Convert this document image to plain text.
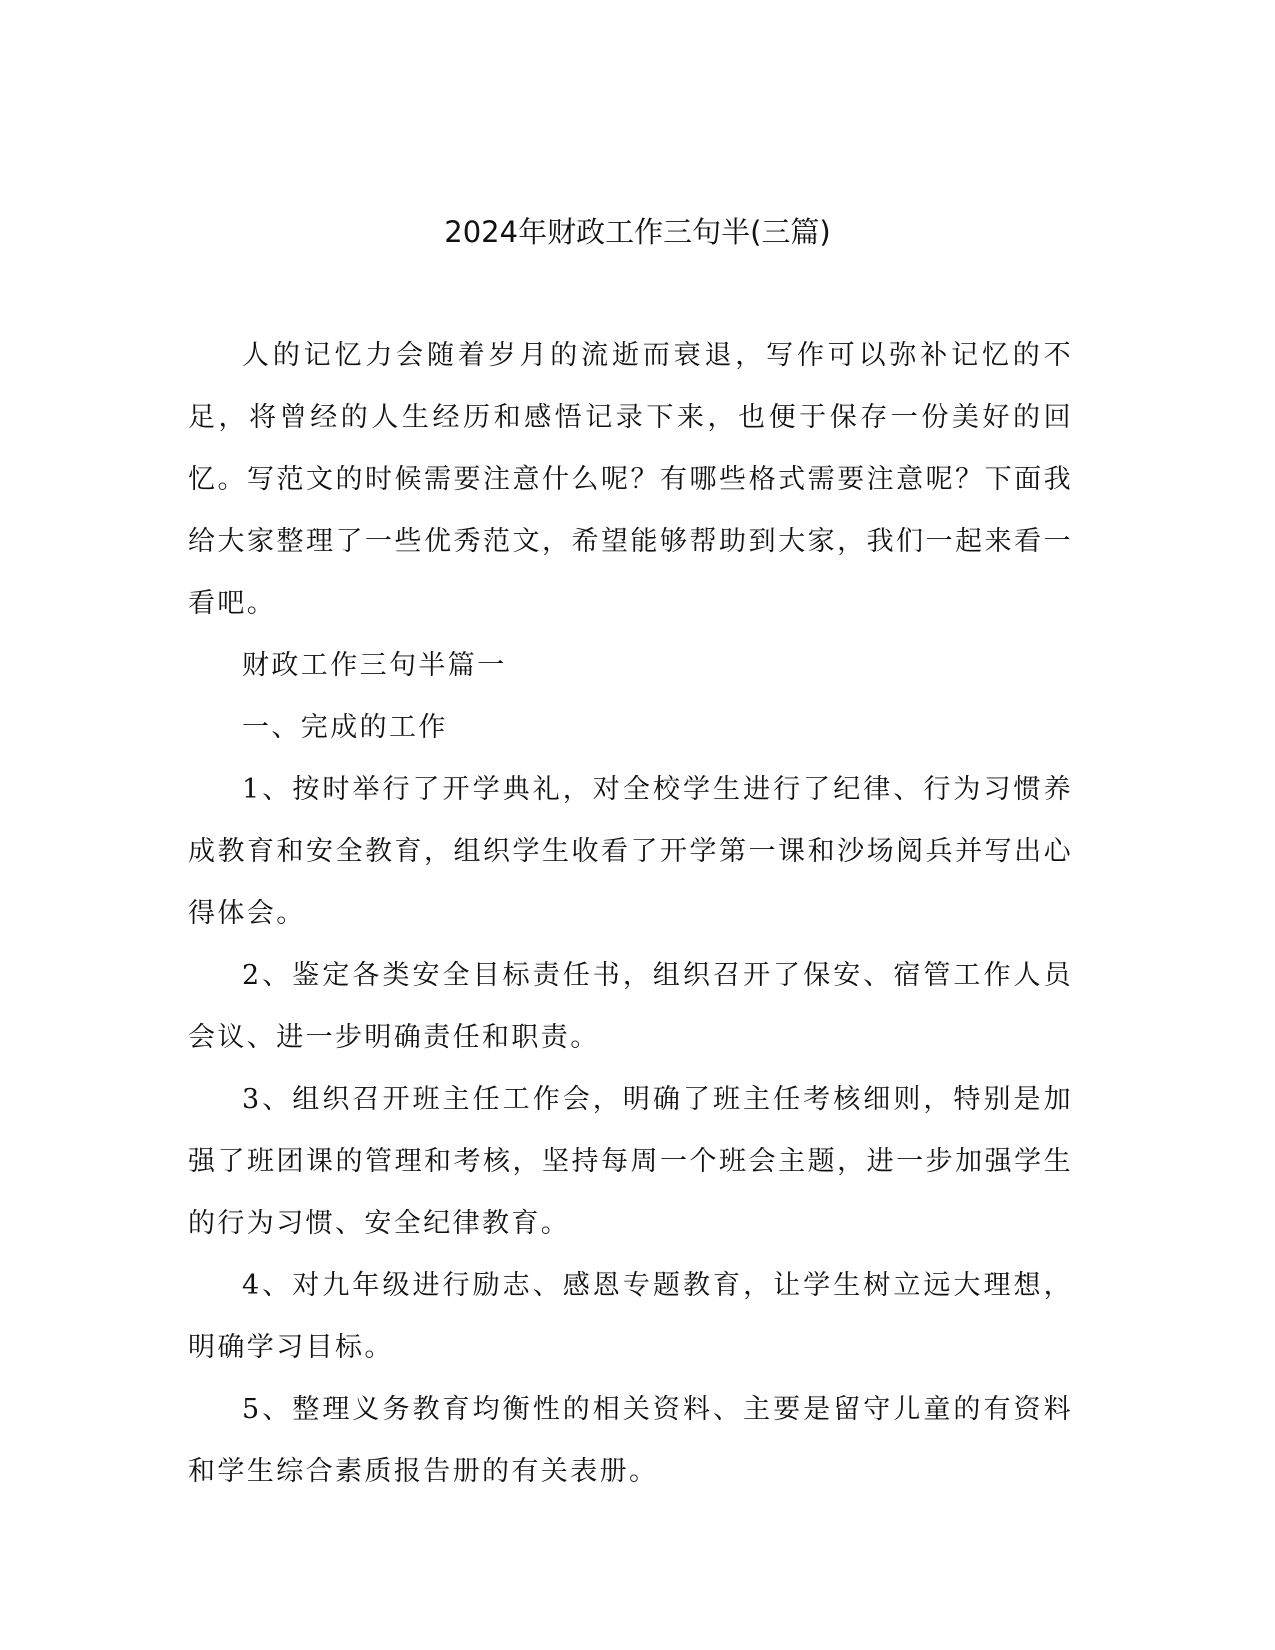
2024年财政工作三句半(三篇)

人的记忆力会随着岁月的流逝而衰退，写作可以弥补记忆的不足，将曾经的人生经历和感悟记录下来，也便于保存一份美好的回忆。写范文的时候需要注意什么呢？有哪些格式需要注意呢？下面我给大家整理了一些优秀范文，希望能够帮助到大家，我们一起来看一看吧。

财政工作三句半篇一

一、完成的工作

1、按时举行了开学典礼，对全校学生进行了纪律、行为习惯养成教育和安全教育，组织学生收看了开学第一课和沙场阅兵并写出心得体会。

2、鉴定各类安全目标责任书，组织召开了保安、宿管工作人员会议、进一步明确责任和职责。

3、组织召开班主任工作会，明确了班主任考核细则，特别是加强了班团课的管理和考核，坚持每周一个班会主题，进一步加强学生的行为习惯、安全纪律教育。

4、对九年级进行励志、感恩专题教育，让学生树立远大理想，明确学习目标。

5、整理义务教育均衡性的相关资料、主要是留守儿童的有资料和学生综合素质报告册的有关表册。
